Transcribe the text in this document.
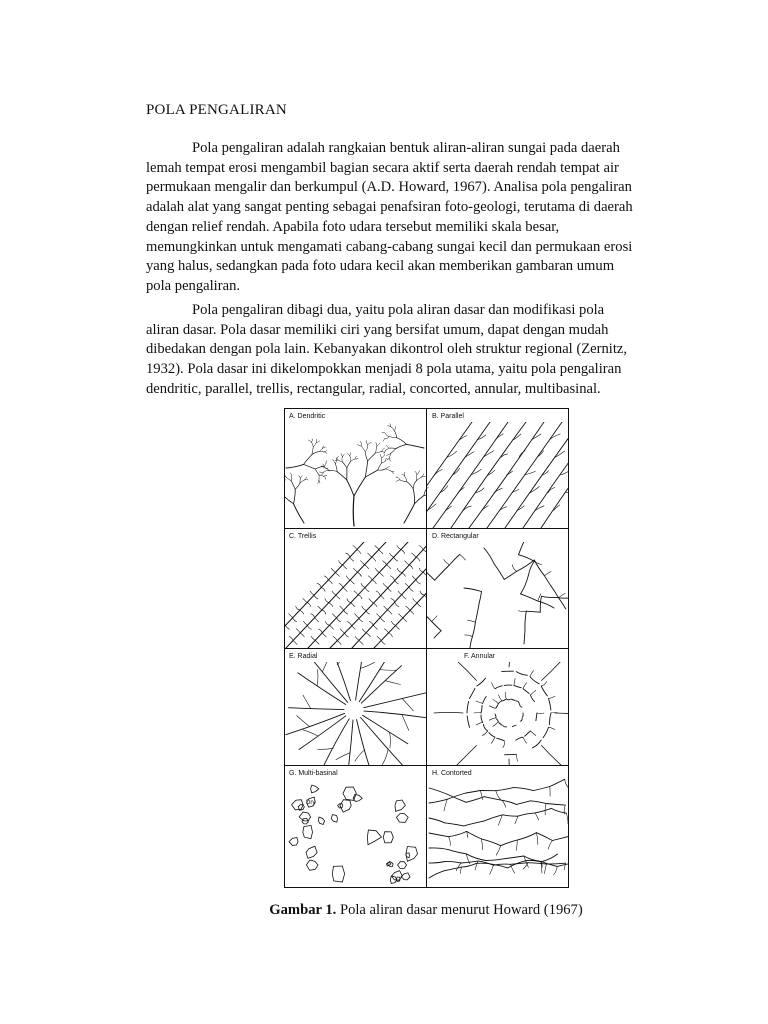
POLA PENGALIRAN

Pola pengaliran adalah rangkaian bentuk aliran-aliran sungai pada daerah lemah tempat erosi mengambil bagian secara aktif serta daerah rendah tempat air permukaan mengalir dan berkumpul (A.D. Howard, 1967). Analisa pola pengaliran adalah alat yang sangat penting sebagai penafsiran foto-geologi, terutama di daerah dengan relief rendah. Apabila foto udara tersebut memiliki skala besar, memungkinkan untuk mengamati cabang-cabang sungai kecil dan permukaan erosi yang halus, sedangkan pada foto udara kecil akan memberikan gambaran umum pola pengaliran.

Pola pengaliran dibagi dua, yaitu pola aliran dasar dan modifikasi pola aliran dasar. Pola dasar memiliki ciri yang bersifat umum, dapat dengan mudah dibedakan dengan pola lain. Kebanyakan dikontrol oleh struktur regional (Zernitz, 1932). Pola dasar ini dikelompokkan menjadi 8 pola utama, yaitu pola pengaliran dendritic, parallel, trellis, rectangular, radial, concorted, annular, multibasinal.

A. Dendritic	B. Parallel
C. Trellis	D. Rectangular
E. Radial	F. Annular
G. Multi-basinal
Dry
H. Contorted
Gambar 1. Pola aliran dasar menurut Howard (1967)
